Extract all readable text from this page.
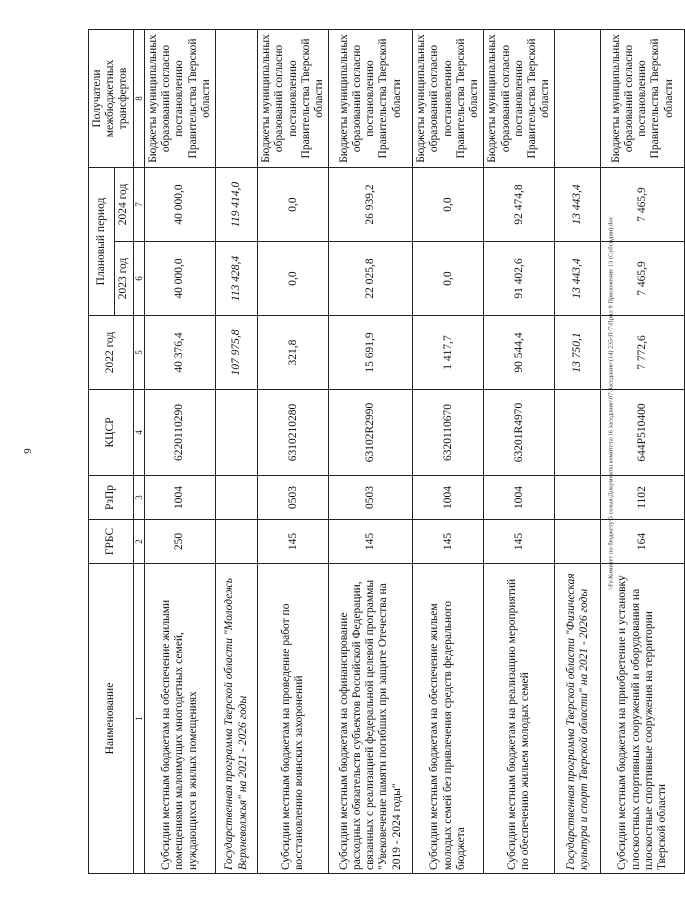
6	\\Fs\Комитет по бюджету\3 созыв\Документы комитета\16 заседание\07\Заседание\(14) 235-П-7\Прил 9 Приложение 13 (Субсидии).doc
Наименование	ГРБС	РзПр	КЦСР	2022 год	Плановый период		Получатели межбюджетных трансфертов
					2023 год	2024 год	
1	2	3	4	5	6	7	8
Субсидии местным бюджетам на обеспечение жилыми помещениями малоимущих многодетных семей, нуждающихся в жилых помещениях	250	1004	6220110290	40 376,4	40 000,0	40 000,0	Бюджеты муниципальных образований согласно постановлению Правительства Тверской области
Государственная программа Тверской области "Молодежь Верхневолжья" на 2021 - 2026 годы				107 975,8	113 428,4	119 414,0	
Субсидии местным бюджетам на проведение работ по восстановлению воинских захоронений	145	0503	6310210280	321,8	0,0	0,0	Бюджеты муниципальных образований согласно постановлению Правительства Тверской области
Субсидии местным бюджетам на софинансирование расходных обязательств субъектов Российской Федерации, связанных с реализацией федеральной целевой программы "Увековечение памяти погибших при защите Отечества на 2019 - 2024 годы"	145	0503	63102R2990	15 691,9	22 025,8	26 939,2	Бюджеты муниципальных образований согласно постановлению Правительства Тверской области
Субсидии местным бюджетам на обеспечение жильем молодых семей без привлечения средств федерального бюджета	145	1004	6320110670	1 417,7	0,0	0,0	Бюджеты муниципальных образований согласно постановлению Правительства Тверской области
Субсидии местным бюджетам на реализацию мероприятий по обеспечению жильем молодых семей	145	1004	63201R4970	90 544,4	91 402,6	92 474,8	Бюджеты муниципальных образований согласно постановлению Правительства Тверской области
Государственная программа Тверской области "Физическая культура и спорт Тверской области" на 2021 - 2026 годы				13 750,1	13 443,4	13 443,4	
Субсидии местным бюджетам на приобретение и установку плоскостных спортивных сооружений и оборудования на плоскостные спортивные сооружения на территории Тверской области	164	1102	644P510400	7 772,6	7 465,9	7 465,9	Бюджеты муниципальных образований согласно постановлению Правительства Тверской области
